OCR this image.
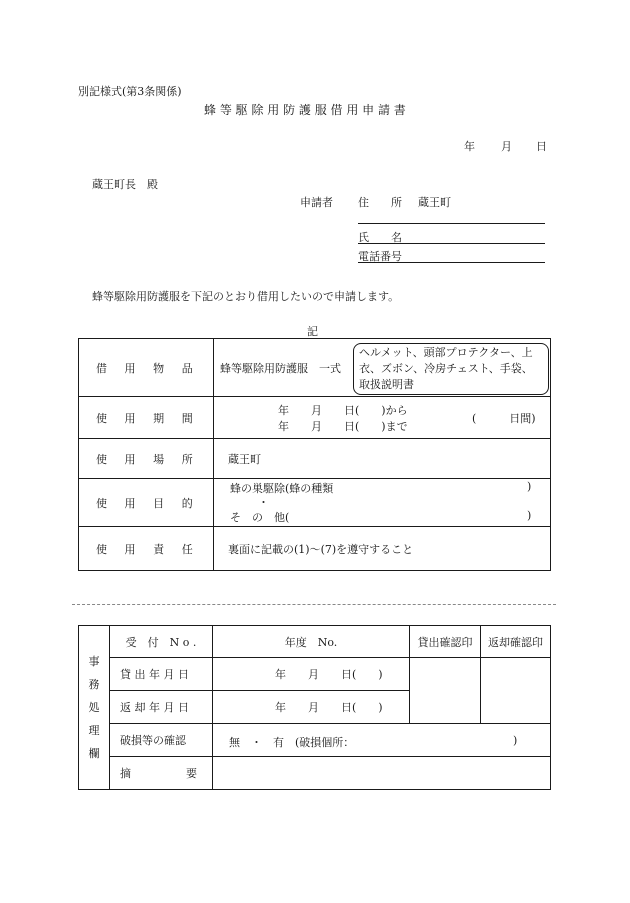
別記様式(第3条関係)
蜂 等 駆 除 用 防 護 服 借 用 申 請 書
年 月 日
蔵王町長　殿
申請者 住　　所 蔵王町
氏　　名
電話番号
蜂等駆除用防護服を下記のとおり借用したいので申請します。
記
借　用　物　品	蜂等駆除用防護服　一式
ヘルメット、頭部プロテクター、上衣、ズボン、冷房チェスト、手袋、取扱説明書

使　用　期　間	年　　月　　日(　　)から
年　　月　　日(　　)まで
(　　　日間)

使　用　場　所	蔵王町
使　用　目　的	蜂の巣駆除(蜂の種類 )
・
そ　の　他( )

使　用　責　任	裏面に記載の(1)～(7)を遵守すること
事
務
処
理
欄	受　付　N o .	年度　No.	貸出確認印	返却確認印
	貸 出 年 月 日	年　　月　　日(　　)		
	返 却 年 月 日	年　　月　　日(　　)		
	破損等の確認	無　・　有　(破損個所： )		

	摘　　　　　要			
